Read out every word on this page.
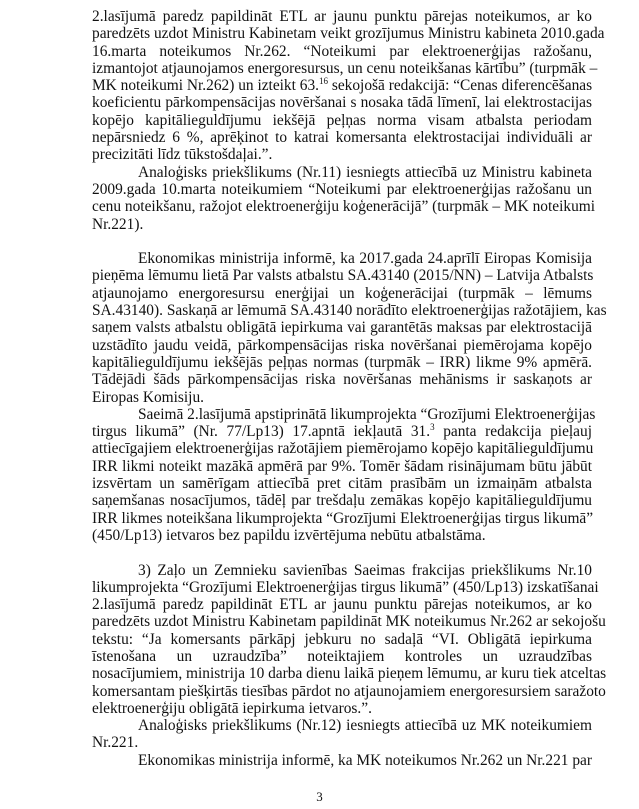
2.lasījumā paredz papildināt ETL ar jaunu punktu pārejas noteikumos, ar ko
paredzēts uzdot Ministru Kabinetam veikt grozījumus Ministru kabineta 2010.gada
16.marta noteikumos Nr.262. “Noteikumi par elektroenerģijas ražošanu,
izmantojot atjaunojamos energoresursus, un cenu noteikšanas kārtību” (turpmāk –
MK noteikumi Nr.262) un izteikt 63.16 sekojošā redakcijā: “Cenas diferencēšanas
koeficientu pārkompensācijas novēršanai s nosaka tādā līmenī, lai elektrostacijas
kopējo kapitālieguldījumu iekšējā peļņas norma visam atbalsta periodam
nepārsniedz 6 %, aprēķinot to katrai komersanta elektrostacijai individuāli ar
precizitāti līdz tūkstošdaļai.”.
Analoģisks priekšlikums (Nr.11) iesniegts attiecībā uz Ministru kabineta
2009.gada 10.marta noteikumiem “Noteikumi par elektroenerģijas ražošanu un
cenu noteikšanu, ražojot elektroenerģiju koģenerācijā” (turpmāk – MK noteikumi
Nr.221).
Ekonomikas ministrija informē, ka 2017.gada 24.aprīlī Eiropas Komisija
pieņēma lēmumu lietā Par valsts atbalstu SA.43140 (2015/NN) – Latvija Atbalsts
atjaunojamo energoresursu enerģijai un koģenerācijai (turpmāk – lēmums
SA.43140). Saskaņā ar lēmumā SA.43140 norādīto elektroenerģijas ražotājiem, kas
saņem valsts atbalstu obligātā iepirkuma vai garantētās maksas par elektrostacijā
uzstādīto jaudu veidā, pārkompensācijas riska novēršanai piemērojama kopējo
kapitālieguldījumu iekšējās peļņas normas (turpmāk – IRR) likme 9% apmērā.
Tādējādi šāds pārkompensācijas riska novēršanas mehānisms ir saskaņots ar
Eiropas Komisiju.
Saeimā 2.lasījumā apstiprinātā likumprojekta “Grozījumi Elektroenerģijas
tirgus likumā” (Nr. 77/Lp13) 17.apntā iekļautā 31.$^3$ panta redakcija pieļauj
attiecīgajiem elektroenerģijas ražotājiem piemērojamo kopējo kapitālieguldījumu
IRR likmi noteikt mazākā apmērā par 9%. Tomēr šādam risinājumam būtu jābūt
izsvērtam un samērīgam attiecībā pret citām prasībām un izmaiņām atbalsta
saņemšanas nosacījumos, tādēļ par trešdaļu zemākas kopējo kapitālieguldījumu
IRR likmes noteikšana likumprojekta “Grozījumi Elektroenerģijas tirgus likumā”
(450/Lp13) ietvaros bez papildu izvērtējuma nebūtu atbalstāma.
3) Zaļo un Zemnieku savienības Saeimas frakcijas priekšlikums Nr.10
likumprojekta “Grozījumi Elektroenerģijas tirgus likumā” (450/Lp13) izskatīšanai
2.lasījumā paredz papildināt ETL ar jaunu punktu pārejas noteikumos, ar ko
paredzēts uzdot Ministru Kabinetam papildināt MK noteikumus Nr.262 ar sekojošu
tekstu: “Ja komersants pārkāpj jebkuru no sadaļā “VI. Obligātā iepirkuma
īstenošana un uzraudzība” noteiktajiem kontroles un uzraudzības
nosacījumiem, ministrija 10 darba dienu laikā pieņem lēmumu, ar kuru tiek atceltas
komersantam piešķirtās tiesības pārdot no atjaunojamiem energoresursiem saražoto
elektroenerģiju obligātā iepirkuma ietvaros.”.
Analoģisks priekšlikums (Nr.12) iesniegts attiecībā uz MK noteikumiem
Nr.221.
Ekonomikas ministrija informē, ka MK noteikumos Nr.262 un Nr.221 par
3
